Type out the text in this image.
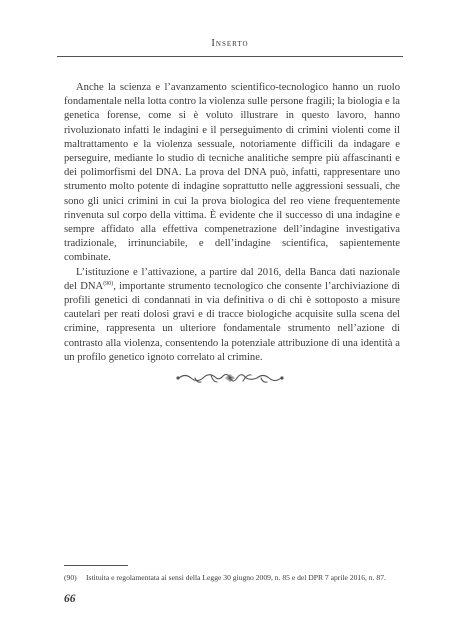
Inserto

Anche la scienza e l’avanzamento scientifico-tecnologico hanno un ruolo fondamentale nella lotta contro la violenza sulle persone fragili; la biologia e la genetica forense, come si è voluto illustrare in questo lavoro, hanno rivoluzionato infatti le indagini e il perseguimento di crimini violenti come il maltrattamento e la violenza sessuale, notoriamente difficili da indagare e perseguire, mediante lo studio di tecniche analitiche sempre più affascinanti e dei polimorfismi del DNA. La prova del DNA può, infatti, rappresentare uno strumento molto potente di indagine soprattutto nelle aggressioni sessuali, che sono gli unici crimini in cui la prova biologica del reo viene frequentemente rinvenuta sul corpo della vittima. È evidente che il successo di una indagine e sempre affidato alla effettiva compenetrazione dell’indagine investigativa tradizionale, irrinunciabile, e dell’indagine scientifica, sapientemente combinate.

L’istituzione e l’attivazione, a partire dal 2016, della Banca dati nazionale del DNA$^{(90)}$, importante strumento tecnologico che consente l’archiviazione di profili genetici di condannati in via definitiva o di chi è sottoposto a misure cautelari per reati dolosi gravi e di tracce biologiche acquisite sulla scena del crimine, rappresenta un ulteriore fondamentale strumento nell’azione di contrasto alla violenza, consentendo la potenziale attribuzione di una identità a un profilo genetico ignoto correlato al crimine.

(90) Istituita e regolamentata ai sensi della Legge 30 giugno 2009, n. 85 e del DPR 7 aprile 2016, n. 87.
66
